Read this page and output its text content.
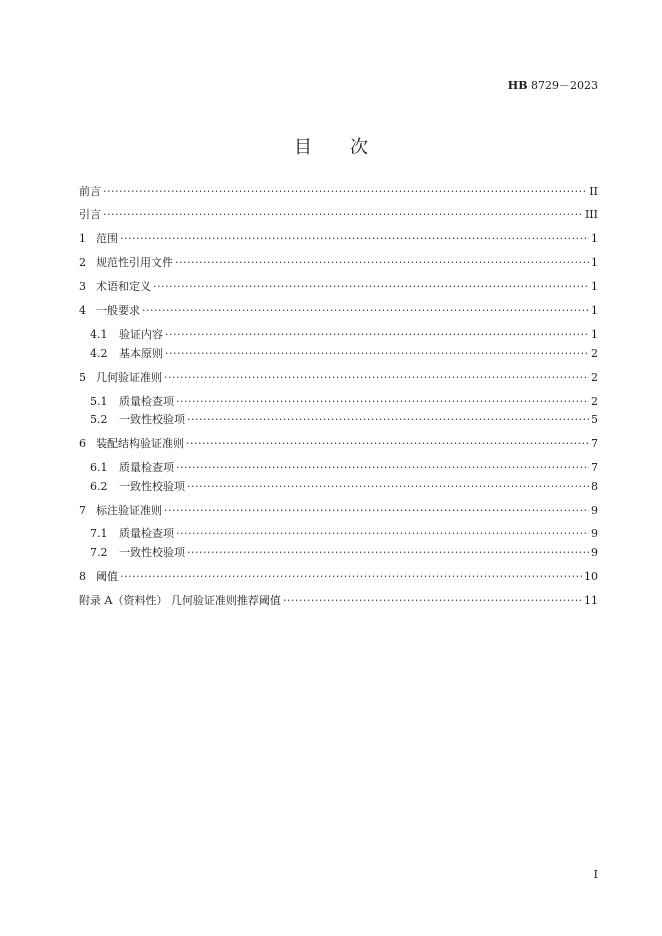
HB 8729－2023
目 次
前言 ·····	II
引言 ·····	III
1 范围 ·····	1
2 规范性引用文件 ·····	1
3 术语和定义 ·····	1
4 一般要求 ·····	1
4.1	验证内容 ·····	1
4.2	基本原则 ·····	2
5 几何验证准则 ·····	2
5.1	质量检查项 ·····	2
5.2	一致性校验项 ·····	5
6 装配结构验证准则 ·····	7
6.1	质量检查项 ·····	7
6.2	一致性校验项 ·····	8
7 标注验证准则 ·····	9
7.1	质量检查项 ·····	9
7.2	一致性校验项 ·····	9
8 阈值 ·····	10
附录 A（资料性） 几何验证准则推荐阈值 ·····	11
I
